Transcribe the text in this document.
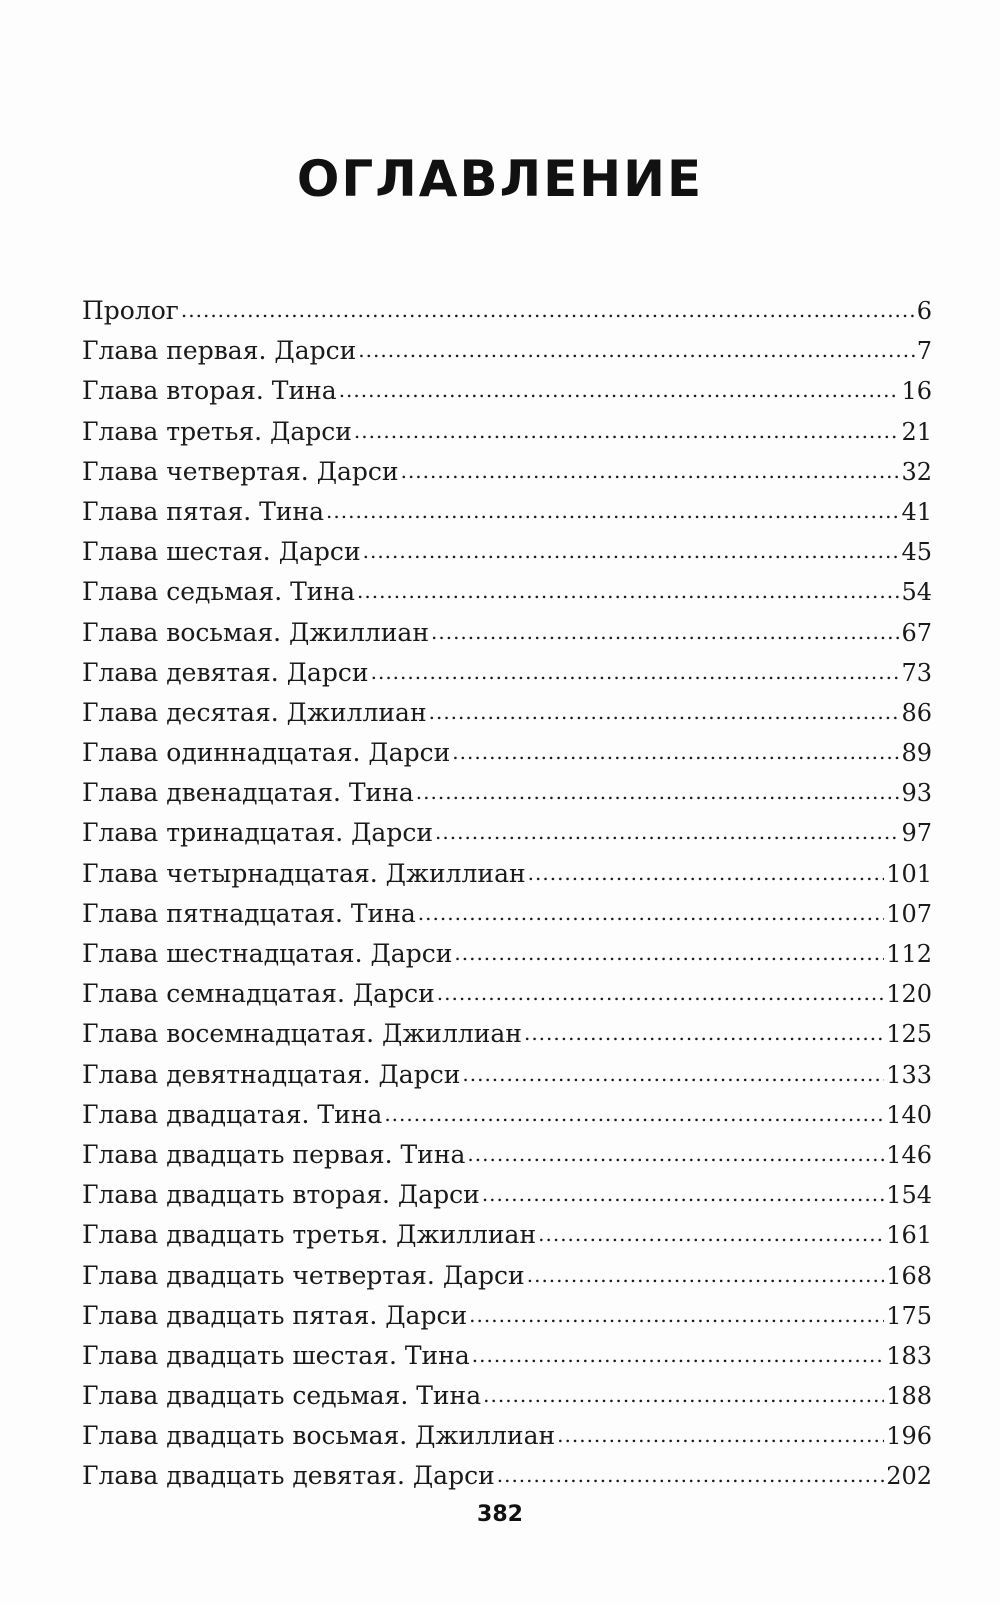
ОГЛАВЛЕНИЕ
Пролог .....	6
Глава первая. Дарси .....	7
Глава вторая. Тина .....	16
Глава третья. Дарси .....	21
Глава четвертая. Дарси .....	32
Глава пятая. Тина .....	41
Глава шестая. Дарси .....	45
Глава седьмая. Тина .....	54
Глава восьмая. Джиллиан .....	67
Глава девятая. Дарси .....	73
Глава десятая. Джиллиан .....	86
Глава одиннадцатая. Дарси .....	89
Глава двенадцатая. Тина .....	93
Глава тринадцатая. Дарси .....	97
Глава четырнадцатая. Джиллиан .....	101
Глава пятнадцатая. Тина .....	107
Глава шестнадцатая. Дарси .....	112
Глава семнадцатая. Дарси .....	120
Глава восемнадцатая. Джиллиан .....	125
Глава девятнадцатая. Дарси .....	133
Глава двадцатая. Тина .....	140
Глава двадцать первая. Тина .....	146
Глава двадцать вторая. Дарси .....	154
Глава двадцать третья. Джиллиан .....	161
Глава двадцать четвертая. Дарси .....	168
Глава двадцать пятая. Дарси .....	175
Глава двадцать шестая. Тина .....	183
Глава двадцать седьмая. Тина .....	188
Глава двадцать восьмая. Джиллиан .....	196
Глава двадцать девятая. Дарси .....	202
382
